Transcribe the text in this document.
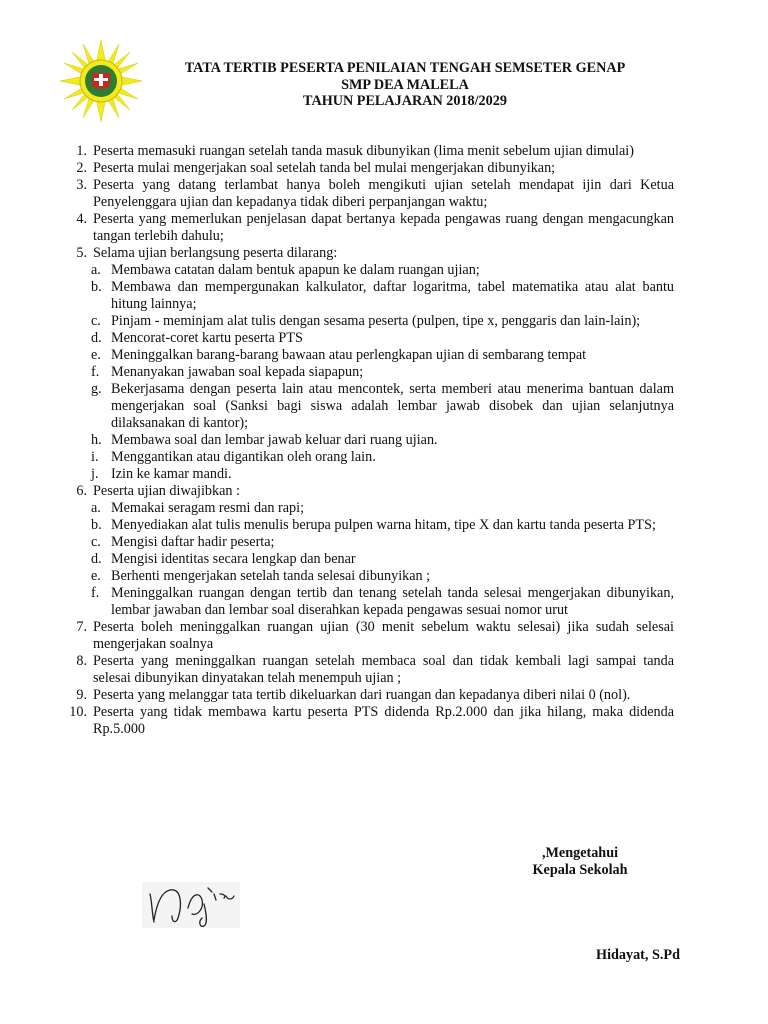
TATA TERTIB PESERTA PENILAIAN TENGAH SEMSETER GENAP
SMP DEA MALELA
TAHUN PELAJARAN 2018/2029
1. Peserta memasuki ruangan setelah tanda masuk dibunyikan (lima menit sebelum ujian dimulai)
2. Peserta mulai mengerjakan soal setelah tanda bel mulai mengerjakan dibunyikan;
3. Peserta yang datang terlambat hanya boleh mengikuti ujian setelah mendapat ijin dari Ketua Penyelenggara ujian dan kepadanya tidak diberi perpanjangan waktu;
4. Peserta yang memerlukan penjelasan dapat bertanya kepada pengawas ruang dengan mengacungkan tangan terlebih dahulu;
5. Selama ujian berlangsung peserta dilarang:
a. Membawa catatan dalam bentuk apapun ke dalam ruangan ujian;
b. Membawa dan mempergunakan kalkulator, daftar logaritma, tabel matematika atau alat bantu hitung lainnya;
c. Pinjam - meminjam alat tulis dengan sesama peserta (pulpen, tipe x, penggaris dan lain-lain);
d. Mencorat-coret kartu peserta PTS
e. Meninggalkan barang-barang bawaan atau perlengkapan ujian di sembarang tempat
f. Menanyakan jawaban soal kepada siapapun;
g. Bekerjasama dengan peserta lain atau mencontek, serta memberi atau menerima bantuan dalam mengerjakan soal (Sanksi bagi siswa adalah lembar jawab disobek dan ujian selanjutnya dilaksanakan di kantor);
h. Membawa soal dan lembar jawab keluar dari ruang ujian.
i. Menggantikan atau digantikan oleh orang lain.
j. Izin ke kamar mandi.
6. Peserta ujian diwajibkan :
a. Memakai seragam resmi dan rapi;
b. Menyediakan alat tulis menulis berupa pulpen warna hitam, tipe X dan kartu tanda peserta PTS;
c. Mengisi daftar hadir peserta;
d. Mengisi identitas secara lengkap dan benar
e. Berhenti mengerjakan setelah tanda selesai dibunyikan ;
f. Meninggalkan ruangan dengan tertib dan tenang setelah tanda selesai mengerjakan dibunyikan, lembar jawaban dan lembar soal diserahkan kepada pengawas sesuai nomor urut
7. Peserta boleh meninggalkan ruangan ujian (30 menit sebelum waktu selesai) jika sudah selesai mengerjakan soalnya
8. Peserta yang meninggalkan ruangan setelah membaca soal dan tidak kembali lagi sampai tanda selesai dibunyikan dinyatakan telah menempuh ujian ;
9. Peserta yang melanggar tata tertib dikeluarkan dari ruangan dan kepadanya diberi nilai 0 (nol).
10. Peserta yang tidak membawa kartu peserta PTS didenda Rp.2.000 dan jika hilang, maka didenda Rp.5.000
,Mengetahui
Kepala Sekolah
Hidayat, S.Pd
